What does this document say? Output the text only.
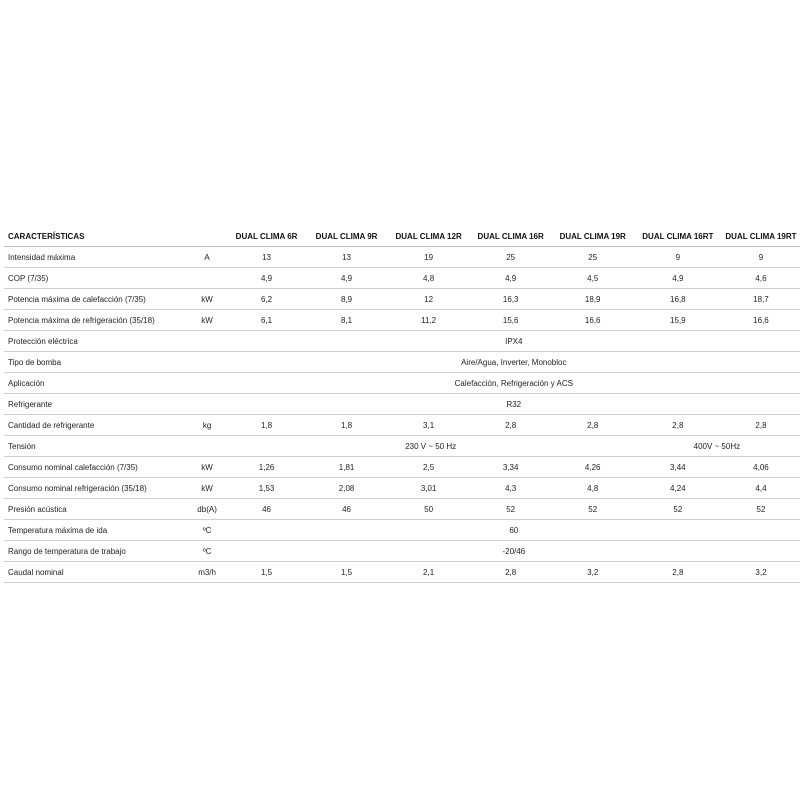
CARACTERÍSTICAS		DUAL CLIMA 6R	DUAL CLIMA 9R	DUAL CLIMA 12R	DUAL CLIMA 16R	DUAL CLIMA 19R	DUAL CLIMA 16RT	DUAL CLIMA 19RT
Intensidad máxima	A	13	13	19	25	25	9	9
COP (7/35)		4,9	4,9	4,8	4,9	4,5	4,9	4,6
Potencia máxima de calefacción (7/35)	kW	6,2	8,9	12	16,3	18,9	16,8	18,7
Potencia máxima de refrigeración (35/18)	kW	6,1	8,1	11,2	15,6	16,6	15,9	16,6
Protección eléctrica		IPX4						
Tipo de bomba		Aire/Agua, Inverter, Monobloc						
Aplicación		Calefacción, Refrigeración y ACS						
Refrigerante		R32						
Cantidad de refrigerante	kg	1,8	1,8	3,1	2,8	2,8	2,8	2,8
Tensión		230 V ~ 50 Hz					400V ~ 50Hz	
Consumo nominal calefacción (7/35)	kW	1,26	1,81	2,5	3,34	4,26	3,44	4,06
Consumo nominal refrigeración (35/18)	kW	1,53	2,08	3,01	4,3	4,8	4,24	4,4
Presión acústica	db(A)	46	46	50	52	52	52	52
Temperatura máxima de ida	ºC	60						
Rango de temperatura de trabajo	ºC	-20/46						
Caudal nominal	m3/h	1,5	1,5	2,1	2,8	3,2	2,8	3,2
